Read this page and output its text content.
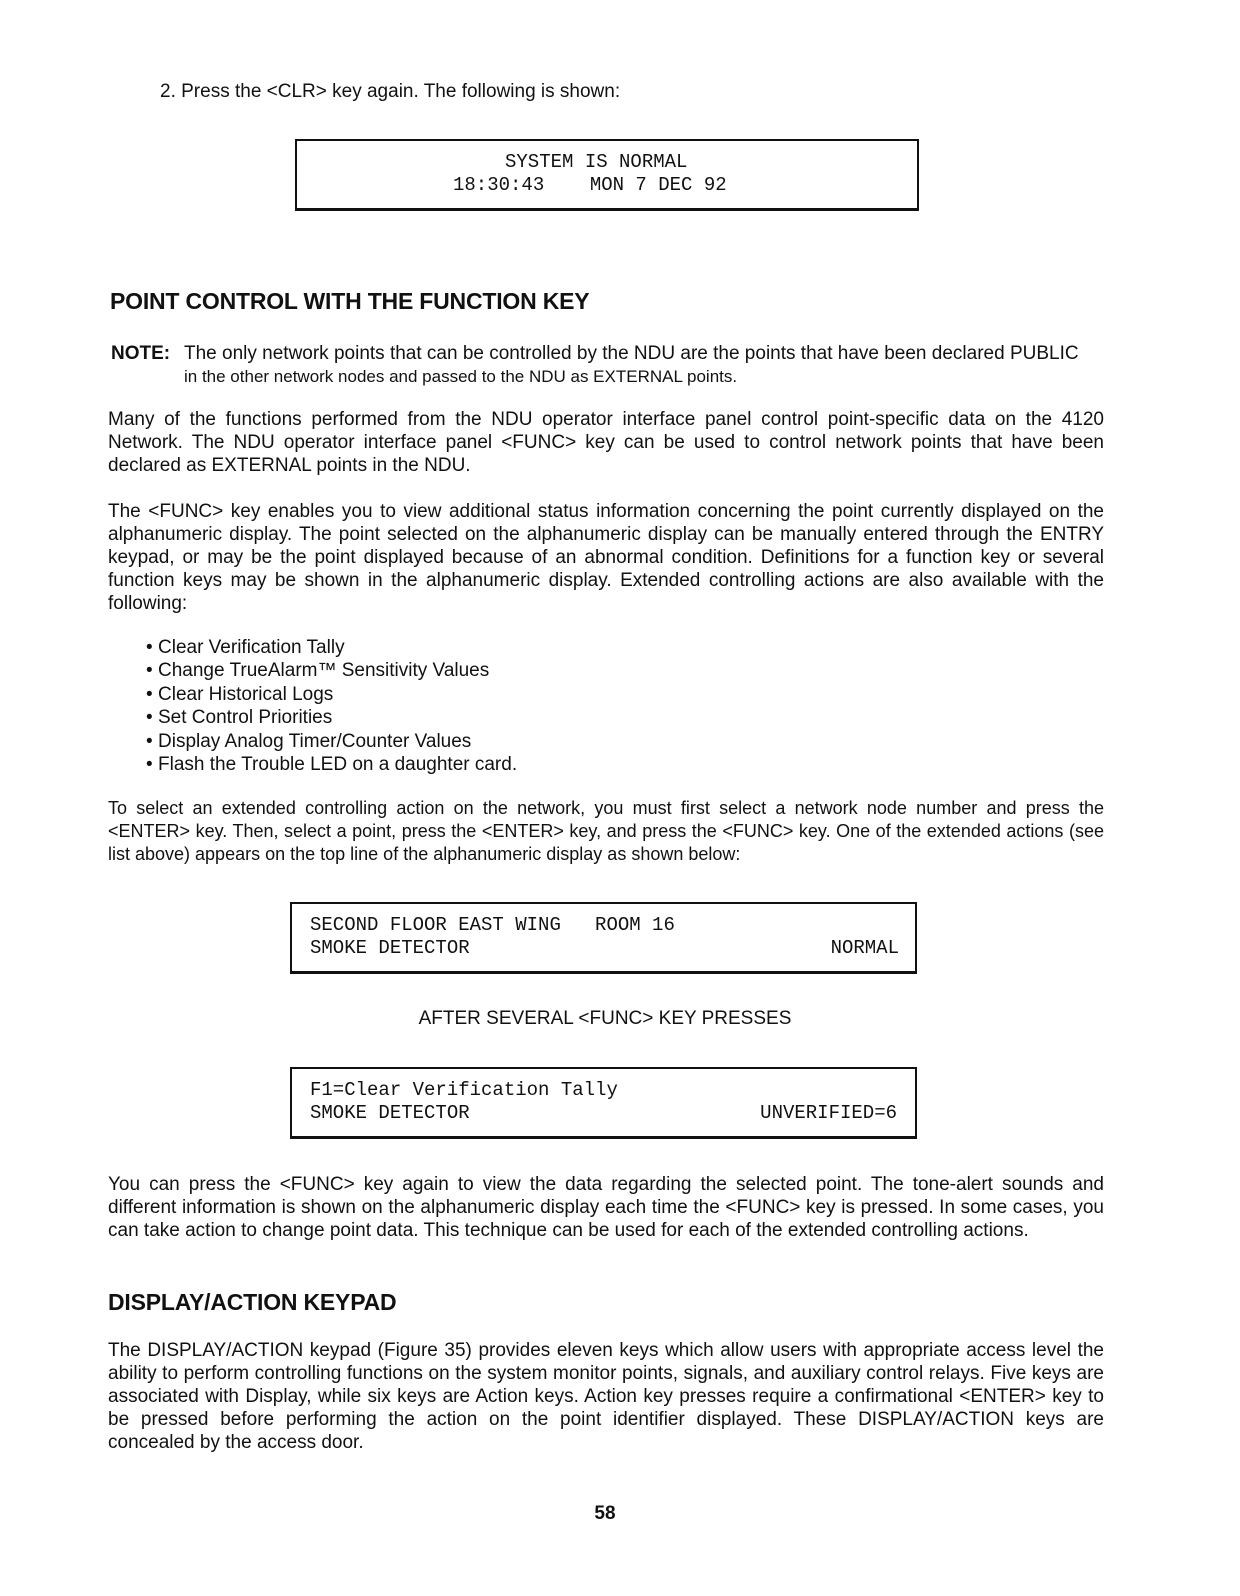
2. Press the <CLR> key again. The following is shown:

SYSTEM IS NORMAL
18:30:43    MON 7 DEC 92
POINT CONTROL WITH THE FUNCTION KEY
NOTE: The only network points that can be controlled by the NDU are the points that have been declared PUBLIC
in the other network nodes and passed to the NDU as EXTERNAL points.

Many of the functions performed from the NDU operator interface panel control point-specific data on the 4120 Network. The NDU operator interface panel <FUNC> key can be used to control network points that have been declared as EXTERNAL points in the NDU.

The <FUNC> key enables you to view additional status information concerning the point currently displayed on the alphanumeric display. The point selected on the alphanumeric display can be manually entered through the ENTRY keypad, or may be the point displayed because of an abnormal condition. Definitions for a function key or several function keys may be shown in the alphanumeric display. Extended controlling actions are also available with the following:

• Clear Verification Tally
• Change TrueAlarm™ Sensitivity Values
• Clear Historical Logs
• Set Control Priorities
• Display Analog Timer/Counter Values
• Flash the Trouble LED on a daughter card.

To select an extended controlling action on the network, you must first select a network node number and press the <ENTER> key. Then, select a point, press the <ENTER> key, and press the <FUNC> key. One of the extended actions (see list above) appears on the top line of the alphanumeric display as shown below:

SECOND FLOOR EAST WING   ROOM 16
SMOKE DETECTOR	NORMAL
AFTER SEVERAL <FUNC> KEY PRESSES
F1=Clear Verification Tally
SMOKE DETECTOR	UNVERIFIED=6

You can press the <FUNC> key again to view the data regarding the selected point. The tone-alert sounds and different information is shown on the alphanumeric display each time the <FUNC> key is pressed. In some cases, you can take action to change point data. This technique can be used for each of the extended controlling actions.

DISPLAY/ACTION KEYPAD

The DISPLAY/ACTION keypad (Figure 35) provides eleven keys which allow users with appropriate access level the ability to perform controlling functions on the system monitor points, signals, and auxiliary control relays. Five keys are associated with Display, while six keys are Action keys. Action key presses require a confirmational <ENTER> key to be pressed before performing the action on the point identifier displayed. These DISPLAY/ACTION keys are concealed by the access door.

58
